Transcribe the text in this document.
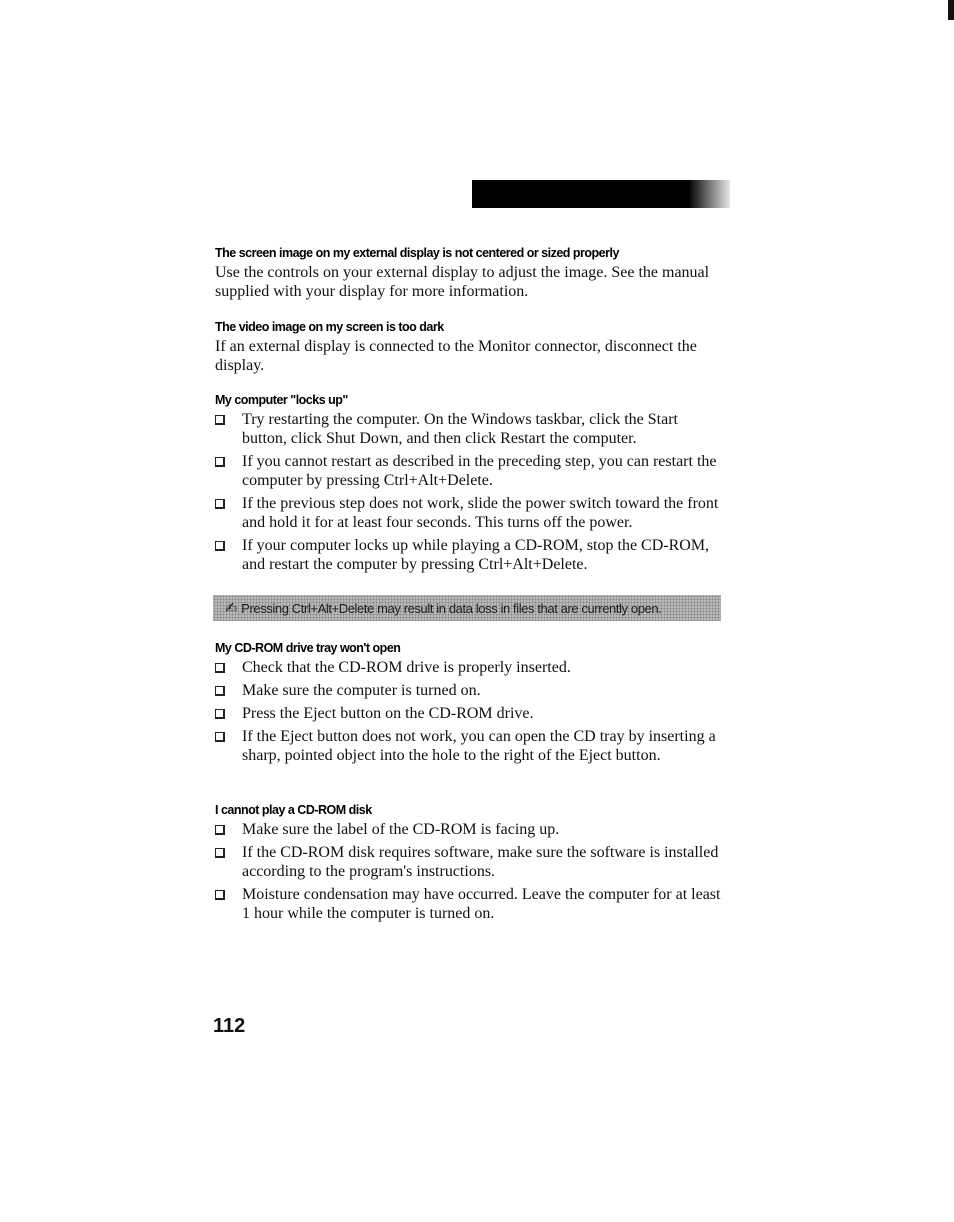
The screen image on my external display is not centered or sized properly

Use the controls on your external display to adjust the image. See the manual supplied with your display for more information.

The video image on my screen is too dark

If an external display is connected to the Monitor connector, disconnect the display.

My computer "locks up"
Try restarting the computer. On the Windows taskbar, click the Start button, click Shut Down, and then click Restart the computer.
If you cannot restart as described in the preceding step, you can restart the computer by pressing Ctrl+Alt+Delete.
If the previous step does not work, slide the power switch toward the front and hold it for at least four seconds. This turns off the power.
If your computer locks up while playing a CD-ROM, stop the CD-ROM, and restart the computer by pressing Ctrl+Alt+Delete.
My CD-ROM drive tray won't open
Check that the CD-ROM drive is properly inserted.
Make sure the computer is turned on.
Press the Eject button on the CD-ROM drive.
If the Eject button does not work, you can open the CD tray by inserting a sharp, pointed object into the hole to the right of the Eject button.
I cannot play a CD-ROM disk
Make sure the label of the CD-ROM is facing up.
If the CD-ROM disk requires software, make sure the software is installed according to the program's instructions.
Moisture condensation may have occurred. Leave the computer for at least 1 hour while the computer is turned on.
✍ Pressing Ctrl+Alt+Delete may result in data loss in files that are currently open.
112
